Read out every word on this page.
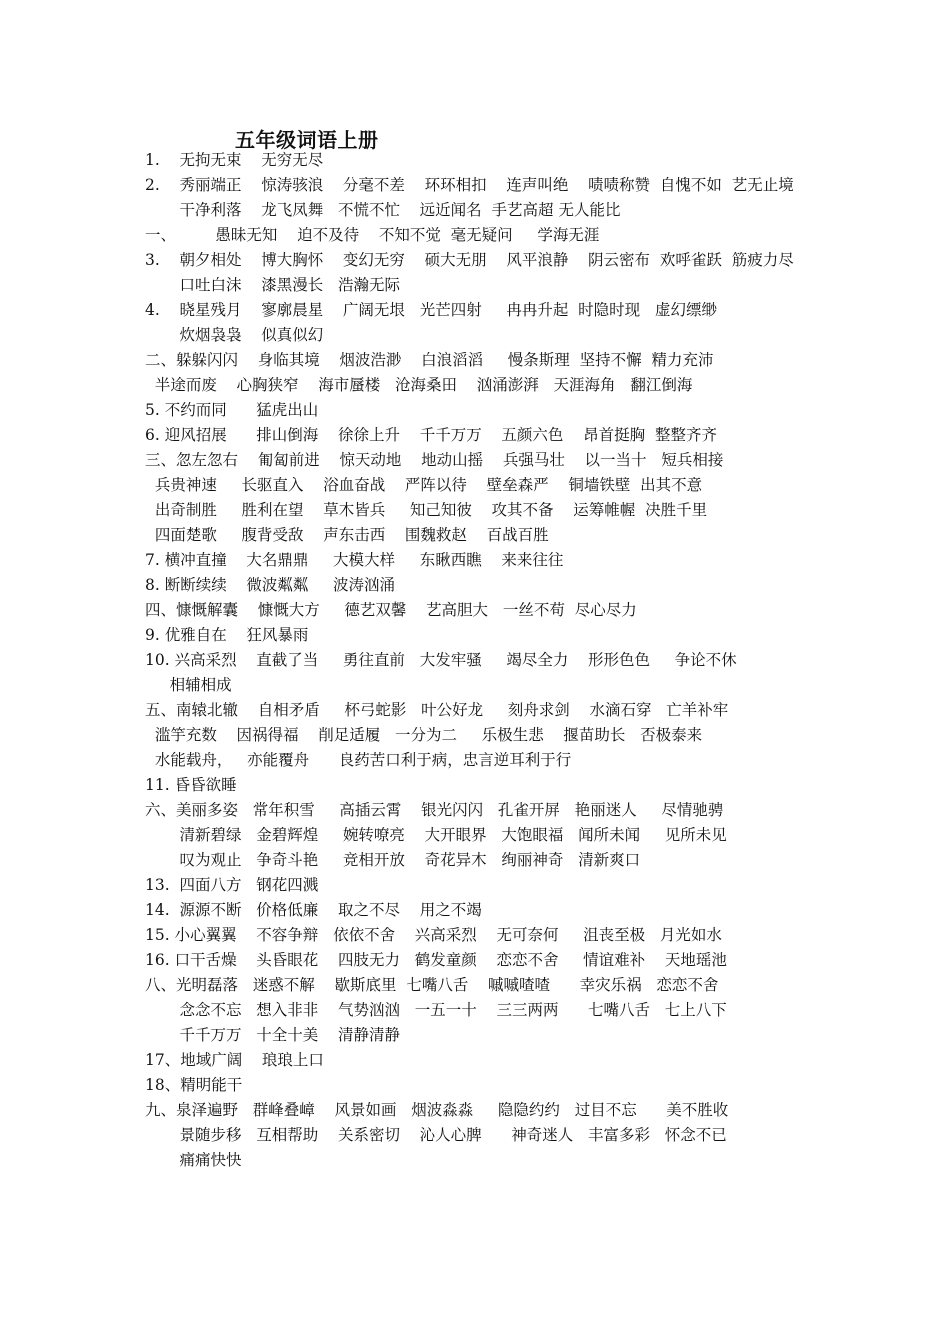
五年级词语上册
1.    无拘无束    无穷无尽
2.    秀丽端正    惊涛骇浪    分毫不差    环环相扣    连声叫绝    啧啧称赞  自愧不如  艺无止境
干净利落    龙飞凤舞   不慌不忙    远近闻名  手艺高超 无人能比
一、        愚昧无知    迫不及待    不知不觉  毫无疑问     学海无涯
3.    朝夕相处    博大胸怀    变幻无穷    硕大无朋    风平浪静    阴云密布  欢呼雀跃  筋疲力尽
口吐白沫    漆黑漫长   浩瀚无际
4.    晓星残月    寥廓晨星    广阔无垠   光芒四射     冉冉升起  时隐时现   虚幻缥缈
炊烟袅袅    似真似幻
二、躲躲闪闪    身临其境    烟波浩渺    白浪滔滔     慢条斯理  坚持不懈  精力充沛
半途而废    心胸狭窄    海市蜃楼   沧海桑田    汹涌澎湃   天涯海角   翻江倒海
5. 不约而同      猛虎出山
6. 迎风招展      排山倒海    徐徐上升    千千万万    五颜六色    昂首挺胸  整整齐齐
三、忽左忽右    匍匐前进    惊天动地    地动山摇    兵强马壮    以一当十   短兵相接
兵贵神速     长驱直入    浴血奋战    严阵以待    壁垒森严    铜墙铁壁  出其不意
出奇制胜     胜利在望    草木皆兵     知己知彼    攻其不备    运筹帷幄  决胜千里
四面楚歌     腹背受敌    声东击西    围魏救赵    百战百胜
7. 横冲直撞    大名鼎鼎     大模大样     东瞅西瞧    来来往往
8. 断断续续    微波粼粼     波涛汹涌
四、慷慨解囊    慷慨大方     德艺双馨    艺高胆大   一丝不苟  尽心尽力
9. 优雅自在    狂风暴雨
10. 兴高采烈    直截了当     勇往直前   大发牢骚     竭尽全力    形形色色     争论不休
相辅相成
五、南辕北辙    自相矛盾     杯弓蛇影   叶公好龙     刻舟求剑    水滴石穿   亡羊补牢
滥竽充数    因祸得福    削足适履   一分为二     乐极生悲    揠苗助长   否极泰来
水能载舟，   亦能覆舟      良药苦口利于病，忠言逆耳利于行
11. 昏昏欲睡
六、美丽多姿   常年积雪     高插云霄    银光闪闪   孔雀开屏   艳丽迷人     尽情驰骋
清新碧绿   金碧辉煌     婉转嘹亮    大开眼界   大饱眼福   闻所未闻     见所未见
叹为观止   争奇斗艳     竞相开放    奇花异木   绚丽神奇   清新爽口
13.  四面八方   钢花四溅
14.  源源不断   价格低廉    取之不尽    用之不竭
15. 小心翼翼    不容争辩   依依不舍    兴高采烈    无可奈何     沮丧至极   月光如水
16. 口干舌燥    头昏眼花    四肢无力   鹤发童颜    恋恋不舍     情谊难补    天地瑶池
八、光明磊落   迷惑不解    歇斯底里  七嘴八舌    嘁嘁喳喳      幸灾乐祸   恋恋不舍
念念不忘   想入非非    气势汹汹   一五一十    三三两两      七嘴八舌   七上八下
千千万万   十全十美    清静清静
17、地域广阔    琅琅上口
18、精明能干
九、泉泽遍野   群峰叠嶂    风景如画   烟波淼淼     隐隐约约   过目不忘      美不胜收
景随步移   互相帮助    关系密切    沁人心脾      神奇迷人   丰富多彩   怀念不已
痛痛快快
